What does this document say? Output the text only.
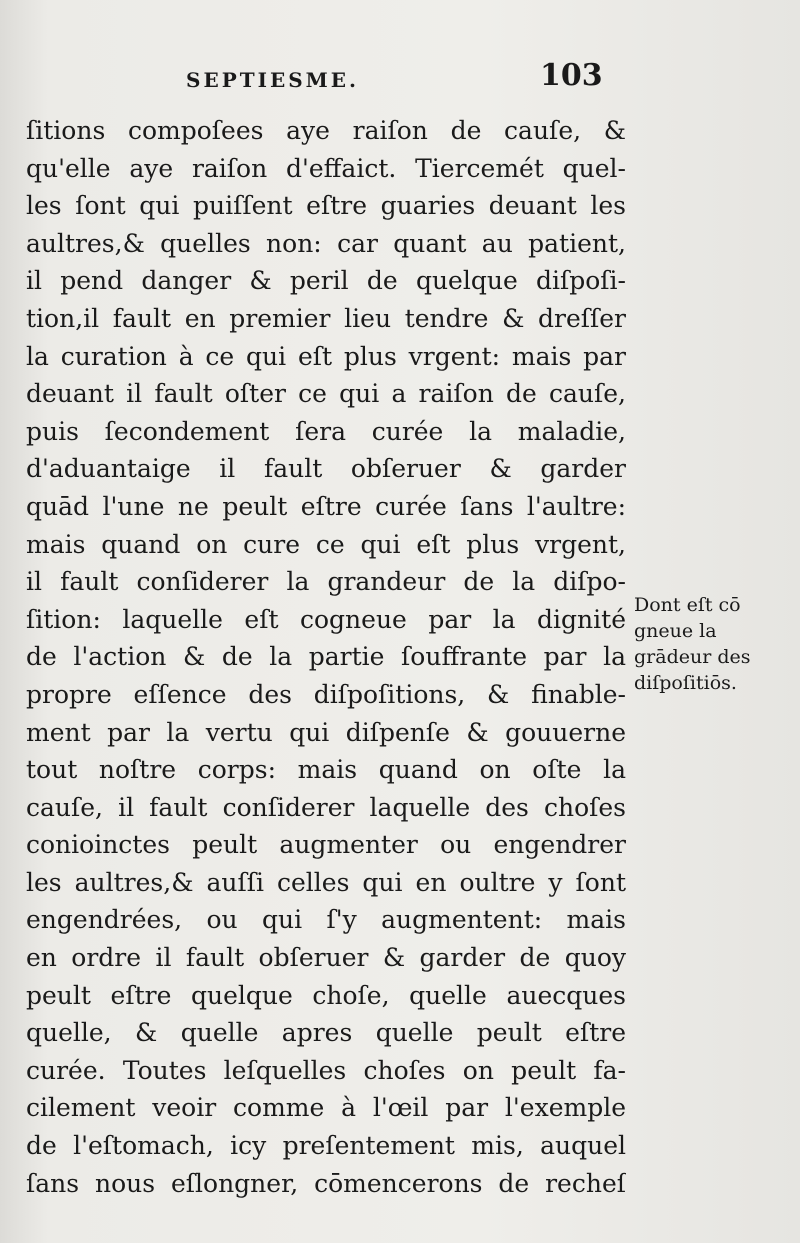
SEPTIESME.	103
ſitions compoſees aye raiſon de cauſe, &
qu'elle aye raiſon d'effaict. Tiercemét quel-
les ſont qui puiſſent eſtre guaries deuant les
aultres,& quelles non: car quant au patient,
il pend danger & peril de quelque diſpoſi-
tion,il fault en premier lieu tendre & dreſſer
la curation à ce qui eſt plus vrgent: mais par
deuant il fault oſter ce qui a raiſon de cauſe,
puis ſecondement ſera curée la maladie,
d'aduantaige il fault obſeruer & garder
quād l'une ne peult eſtre curée ſans l'aultre:
mais quand on cure ce qui eſt plus vrgent,
il fault conſiderer la grandeur de la diſpo-
ſition: laquelle eſt cogneue par la dignité
de l'action & de la partie ſouffrante par la
propre eſſence des diſpoſitions, & finable-
ment par la vertu qui diſpenſe & gouuerne
tout noſtre corps: mais quand on oſte la
cauſe, il fault conſiderer laquelle des choſes
conioinctes peult augmenter ou engendrer
les aultres,& auſſi celles qui en oultre y ſont
engendrées, ou qui ſ'y augmentent: mais
en ordre il fault obſeruer & garder de quoy
peult eſtre quelque choſe, quelle auecques
quelle, & quelle apres quelle peult eſtre
curée. Toutes leſquelles choſes on peult fa-
cilement veoir comme à l'œil par l'exemple
de l'eſtomach, icy preſentement mis, auquel
ſans nous eſlongner, cōmencerons de recheſ
Dont eſt cō
gneue la
grādeur des
diſpoſitiōs.
